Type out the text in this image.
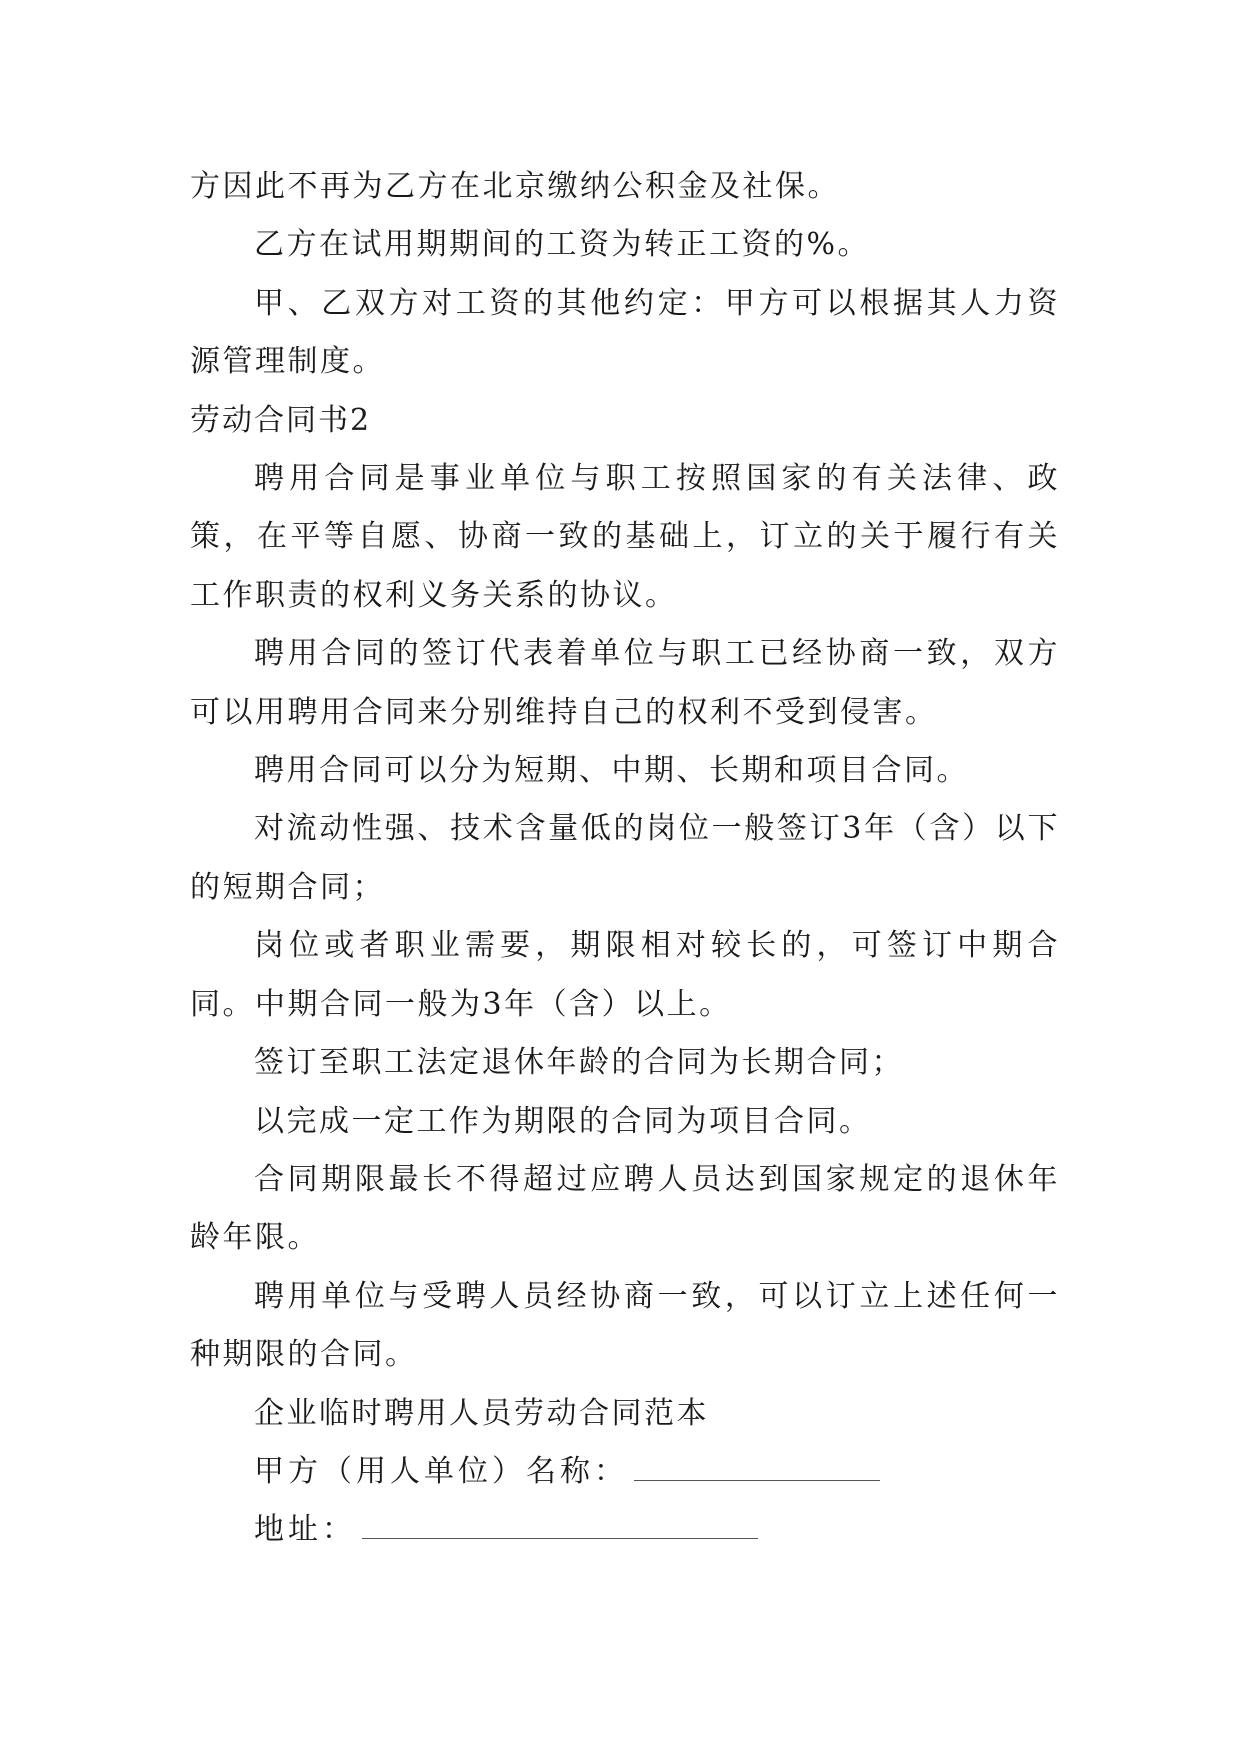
方因此不再为乙方在北京缴纳公积金及社保。

乙方在试用期期间的工资为转正工资的%。

甲、乙双方对工资的其他约定：甲方可以根据其人力资源管理制度。

劳动合同书2

聘用合同是事业单位与职工按照国家的有关法律、政策，在平等自愿、协商一致的基础上，订立的关于履行有关工作职责的权利义务关系的协议。

聘用合同的签订代表着单位与职工已经协商一致，双方可以用聘用合同来分别维持自己的权利不受到侵害。

聘用合同可以分为短期、中期、长期和项目合同。

对流动性强、技术含量低的岗位一般签订3年（含）以下的短期合同；

岗位或者职业需要，期限相对较长的，可签订中期合同。中期合同一般为3年（含）以上。

签订至职工法定退休年龄的合同为长期合同；

以完成一定工作为期限的合同为项目合同。

合同期限最长不得超过应聘人员达到国家规定的退休年龄年限。

聘用单位与受聘人员经协商一致，可以订立上述任何一种期限的合同。

企业临时聘用人员劳动合同范本

甲方（用人单位）名称：

地址：
